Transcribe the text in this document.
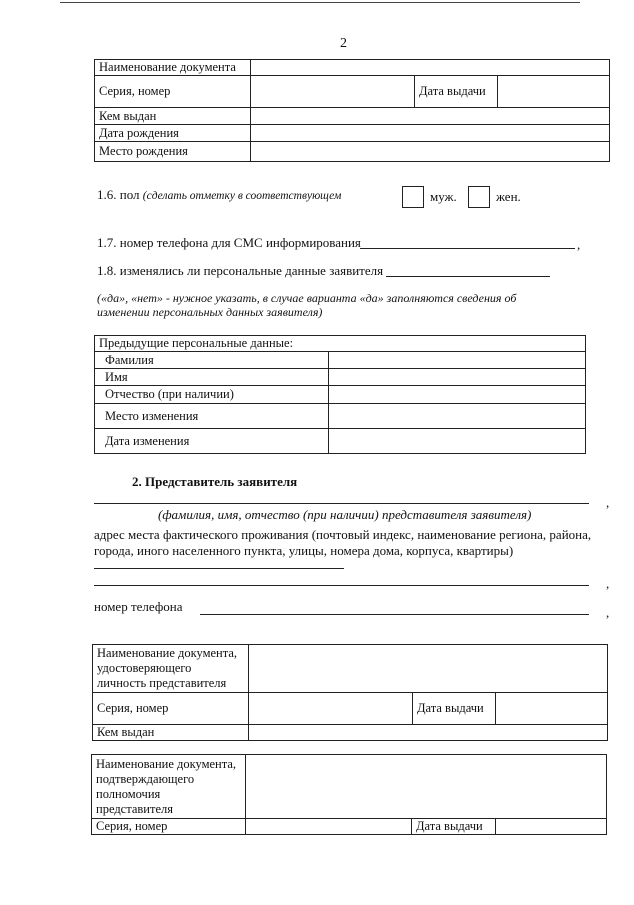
2
Наименование документа			
Серия, номер		Дата выдачи	
Кем выдан			
Дата рождения			
Место рождения			
1.6. пол (сделать отметку в соответствующем	муж.	жен.
1.7. номер телефона для СМС информирования	,
1.8. изменялись ли персональные данные заявителя
(«да», «нет» - нужное указать, в случае варианта «да» заполняются сведения об
изменении персональных данных заявителя)
Предыдущие персональные данные:	
Фамилия	
Имя	
Отчество (при наличии)	
Место изменения	
Дата изменения	
2. Представитель заявителя
,
(фамилия, имя, отчество (при наличии) представителя заявителя)
адрес места фактического проживания (почтовый индекс, наименование региона, района,
города, иного населенного пункта, улицы, номера дома, корпуса, квартиры)
,
номер телефона	,
Наименование документа,
удостоверяющего
личность представителя			

Серия, номер		Дата выдачи	
Кем выдан			
Наименование документа,
подтверждающего
полномочия
представителя			

Серия, номер		Дата выдачи	
